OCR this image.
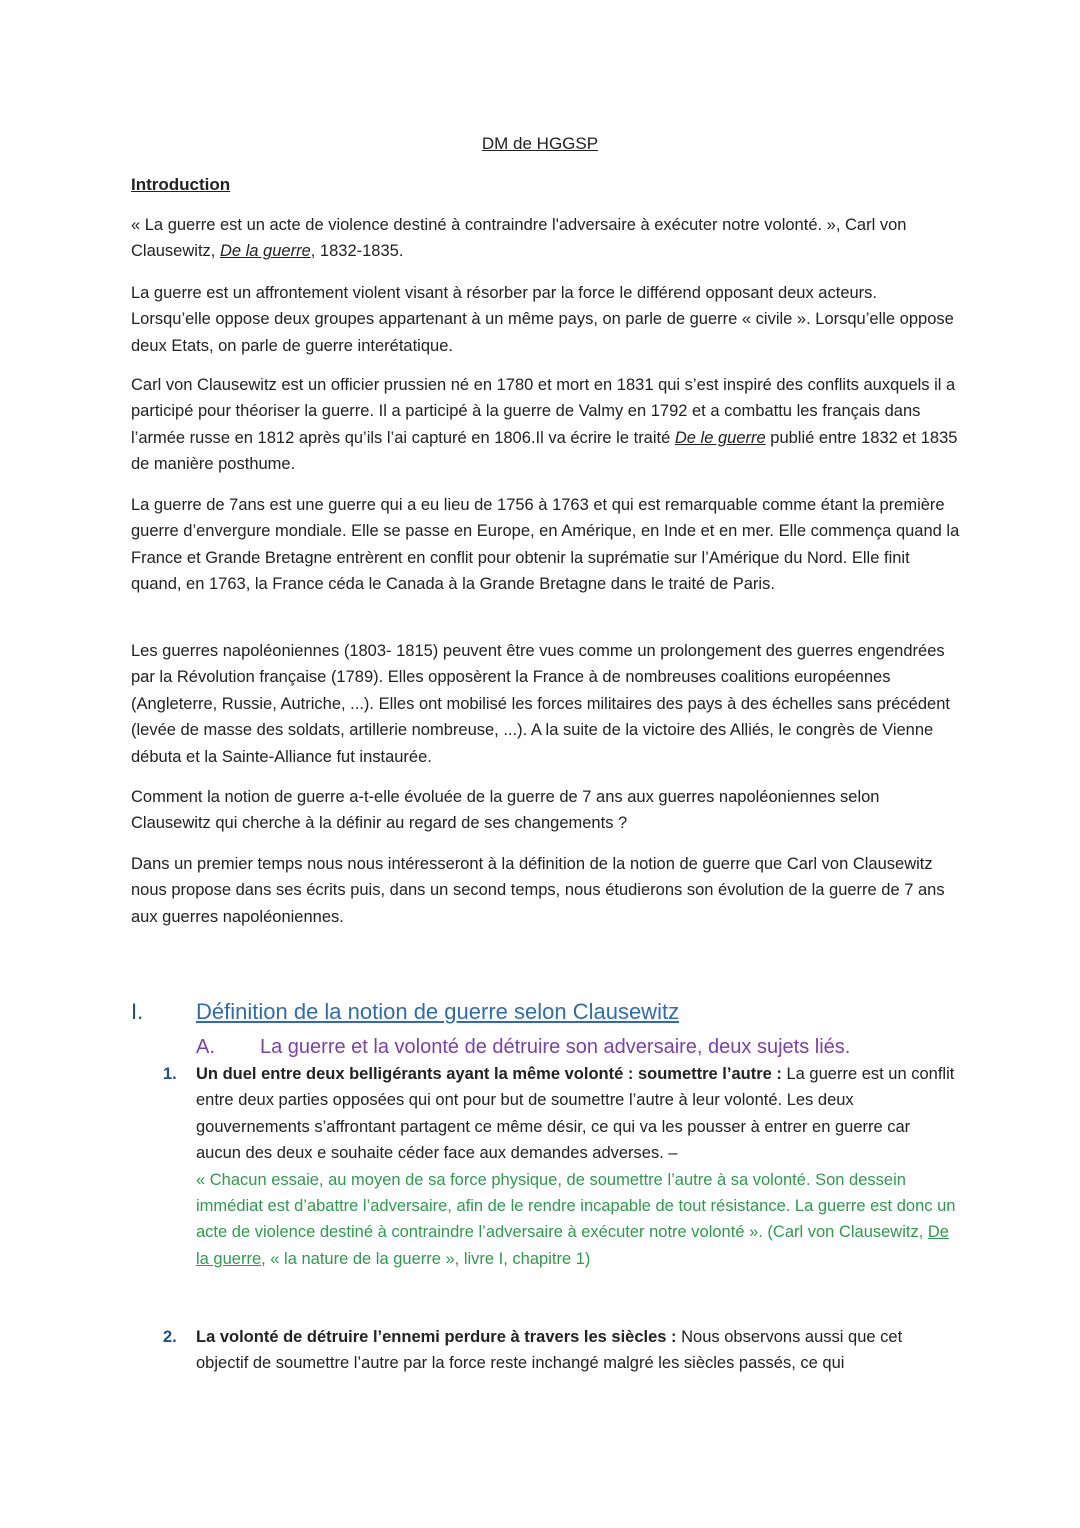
DM de HGGSP
Introduction

« La guerre est un acte de violence destiné à contraindre l'adversaire à exécuter notre volonté. », Carl von Clausewitz, De la guerre, 1832-1835.

La guerre est un affrontement violent visant à résorber par la force le différend opposant deux acteurs. Lorsqu’elle oppose deux groupes appartenant à un même pays, on parle de guerre « civile ». Lorsqu’elle oppose deux Etats, on parle de guerre interétatique.

Carl von Clausewitz est un officier prussien né en 1780 et mort en 1831 qui s’est inspiré des conflits auxquels il a participé pour théoriser la guerre. Il a participé à la guerre de Valmy en 1792 et a combattu les français dans l’armée russe en 1812 après qu’ils l’ai capturé en 1806.Il va écrire le traité De le guerre publié entre 1832 et 1835 de manière posthume.

La guerre de 7ans est une guerre qui a eu lieu de 1756 à 1763 et qui est remarquable comme étant la première guerre d’envergure mondiale. Elle se passe en Europe, en Amérique, en Inde et en mer. Elle commença quand la France et Grande Bretagne entrèrent en conflit pour obtenir la suprématie sur l’Amérique du Nord. Elle finit quand, en 1763, la France céda le Canada à la Grande Bretagne dans le traité de Paris.

Les guerres napoléoniennes (1803- 1815) peuvent être vues comme un prolongement des guerres engendrées par la Révolution française (1789). Elles opposèrent la France à de nombreuses coalitions européennes (Angleterre, Russie, Autriche, ...). Elles ont mobilisé les forces militaires des pays à des échelles sans précédent (levée de masse des soldats, artillerie nombreuse, ...). A la suite de la victoire des Alliés, le congrès de Vienne débuta et la Sainte-Alliance fut instaurée.

Comment la notion de guerre a-t-elle évoluée de la guerre de 7 ans aux guerres napoléoniennes selon Clausewitz qui cherche à la définir au regard de ses changements ?

Dans un premier temps nous nous intéresseront à la définition de la notion de guerre que Carl von Clausewitz nous propose dans ses écrits puis, dans un second temps, nous étudierons son évolution de la guerre de 7 ans aux guerres napoléoniennes.

I. Définition de la notion de guerre selon Clausewitz
A. La guerre et la volonté de détruire son adversaire, deux sujets liés.
1. Un duel entre deux belligérants ayant la même volonté : soumettre l’autre : La guerre est un conflit entre deux parties opposées qui ont pour but de soumettre l’autre à leur volonté. Les deux gouvernements s’affrontant partagent ce même désir, ce qui va les pousser à entrer en guerre car aucun des deux e souhaite céder face aux demandes adverses. –
« Chacun essaie, au moyen de sa force physique, de soumettre l’autre à sa volonté. Son dessein immédiat est d’abattre l’adversaire, afin de le rendre incapable de tout résistance. La guerre est donc un acte de violence destiné à contraindre l’adversaire à exécuter notre volonté ». (Carl von Clausewitz, De la guerre, « la nature de la guerre », livre I, chapitre 1)
2. La volonté de détruire l’ennemi perdure à travers les siècles : Nous observons aussi que cet objectif de soumettre l’autre par la force reste inchangé malgré les siècles passés, ce qui
